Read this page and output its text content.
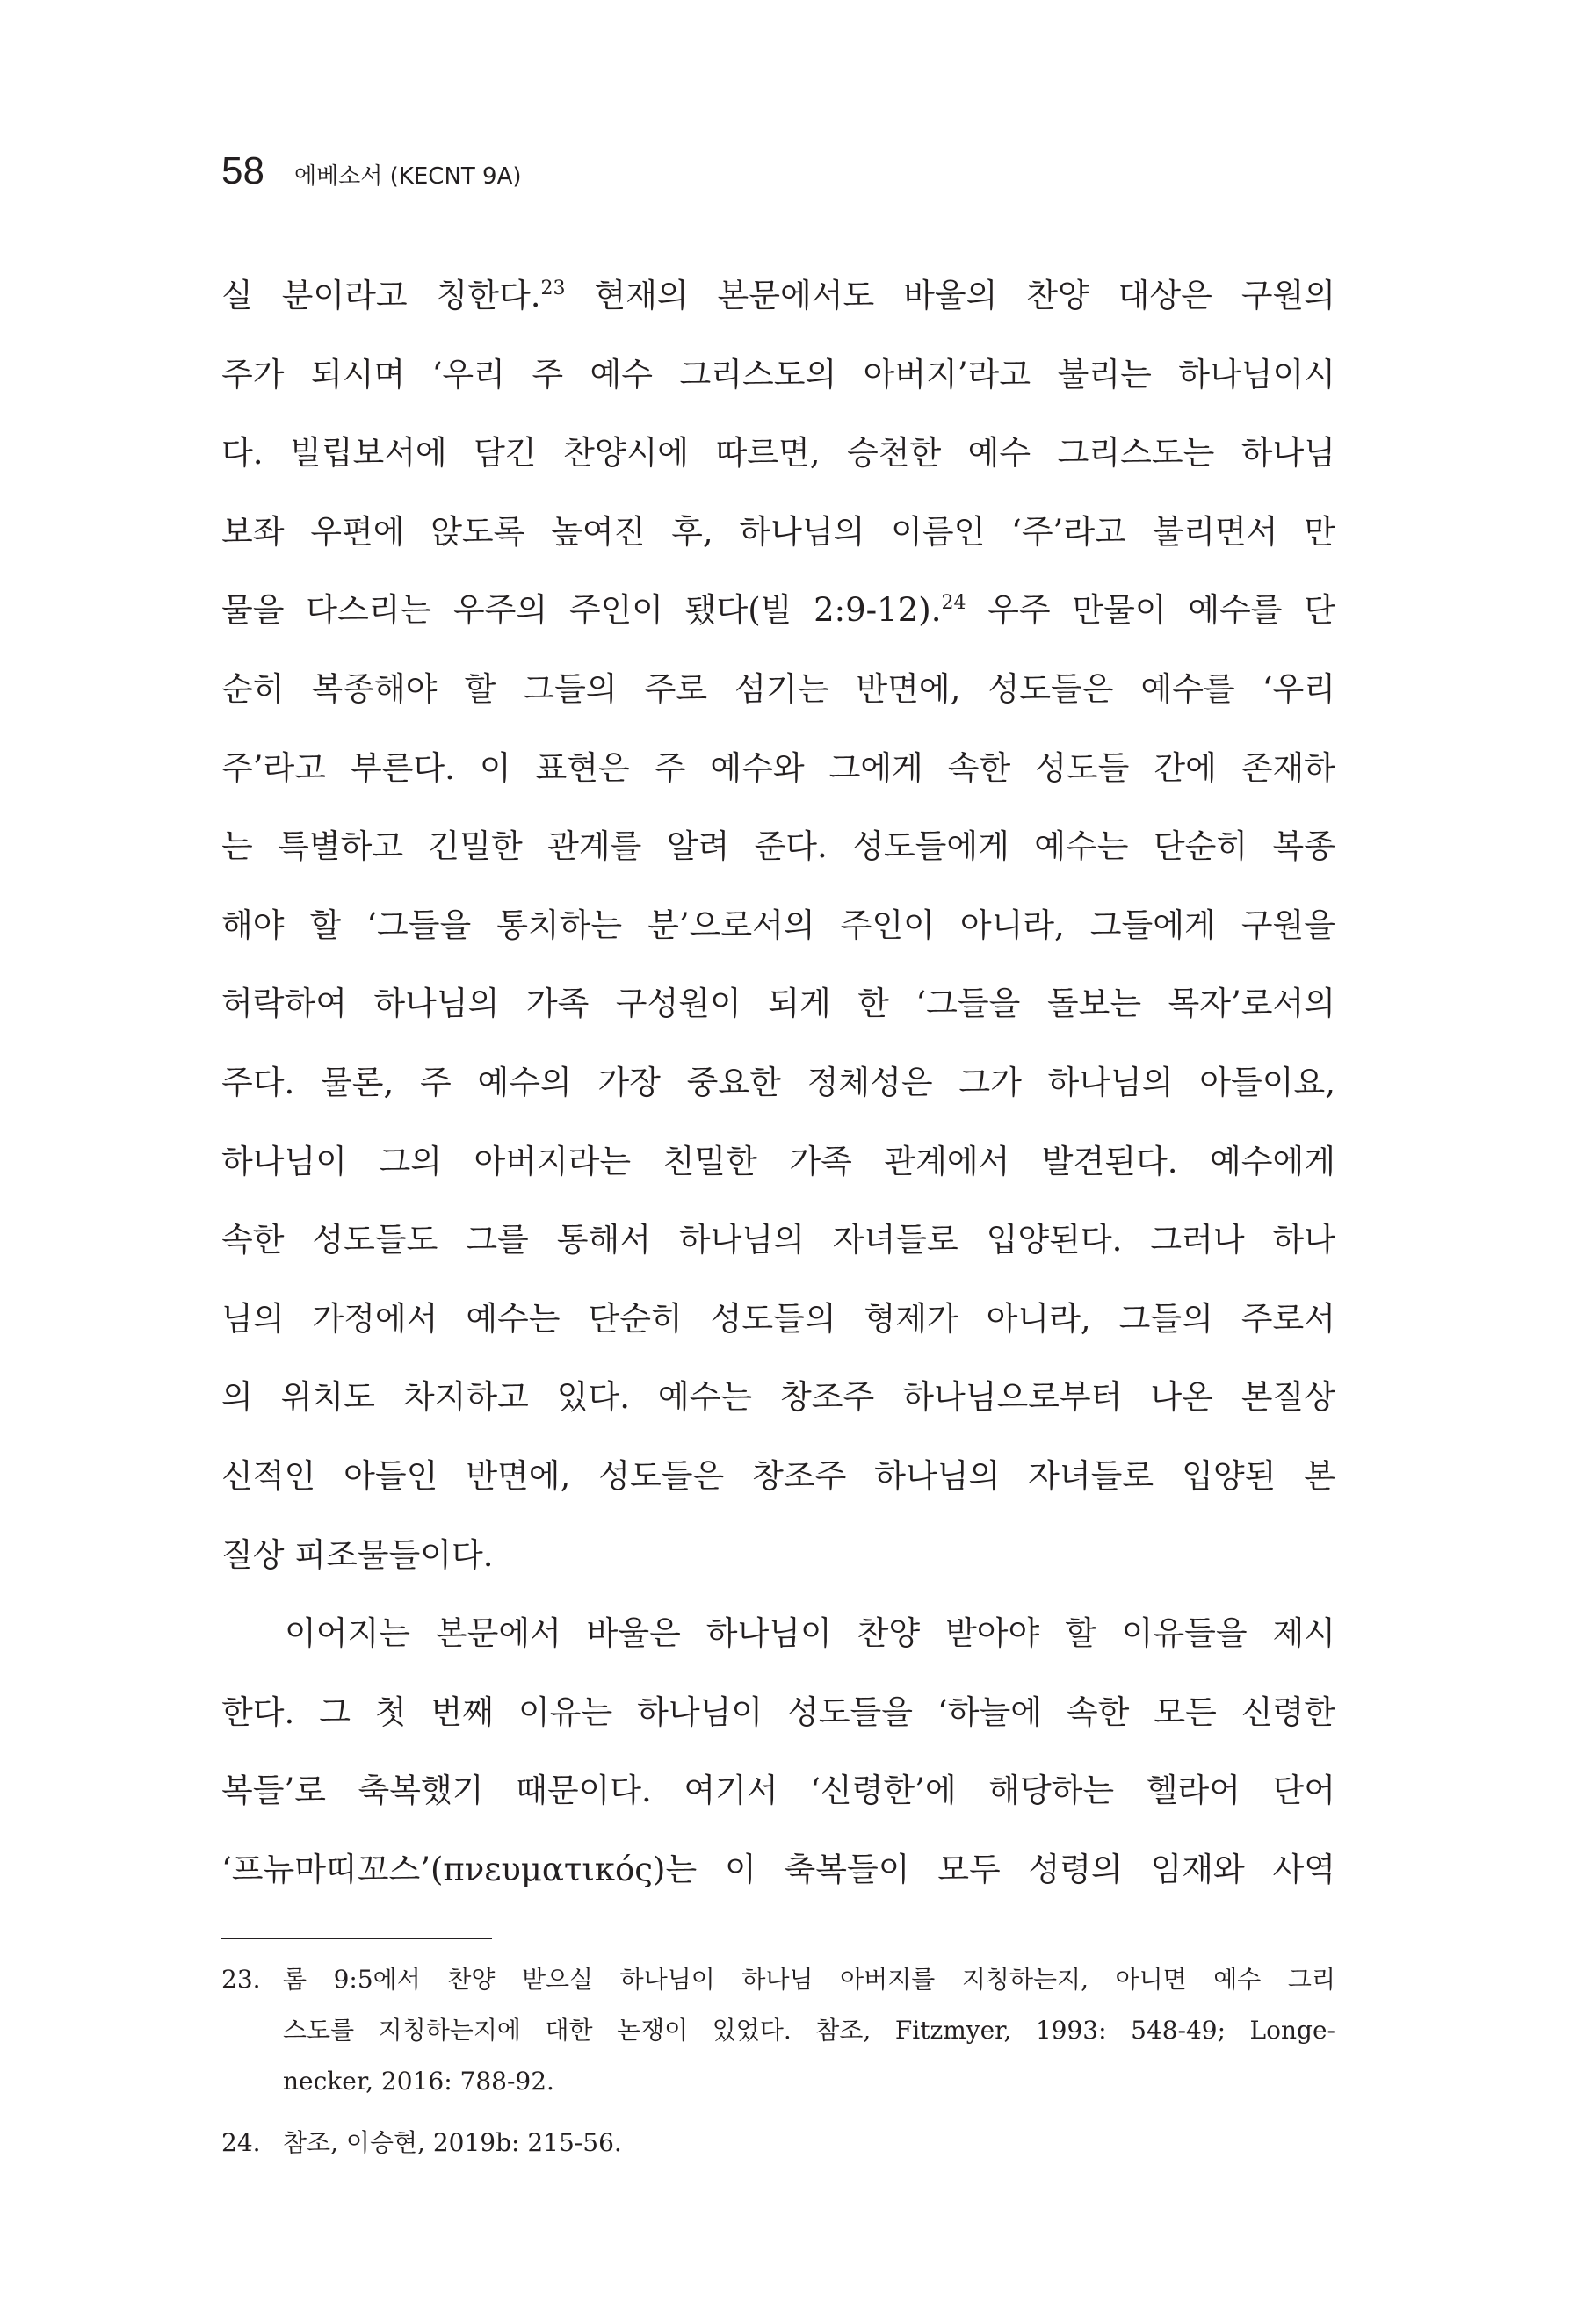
58 에베소서 (KECNT 9A)
실 분이라고 칭한다.$^{23}$ 현재의 본문에서도 바울의 찬양 대상은 구원의
주가 되시며 ‘우리 주 예수 그리스도의 아버지’라고 불리는 하나님이시
다. 빌립보서에 담긴 찬양시에 따르면, 승천한 예수 그리스도는 하나님
보좌 우편에 앉도록 높여진 후, 하나님의 이름인 ‘주’라고 불리면서 만
물을 다스리는 우주의 주인이 됐다(빌 2:9-12).$^{24}$ 우주 만물이 예수를 단
순히 복종해야 할 그들의 주로 섬기는 반면에, 성도들은 예수를 ‘우리
주’라고 부른다. 이 표현은 주 예수와 그에게 속한 성도들 간에 존재하
는 특별하고 긴밀한 관계를 알려 준다. 성도들에게 예수는 단순히 복종
해야 할 ‘그들을 통치하는 분’으로서의 주인이 아니라, 그들에게 구원을
허락하여 하나님의 가족 구성원이 되게 한 ‘그들을 돌보는 목자’로서의
주다. 물론, 주 예수의 가장 중요한 정체성은 그가 하나님의 아들이요,
하나님이 그의 아버지라는 친밀한 가족 관계에서 발견된다. 예수에게
속한 성도들도 그를 통해서 하나님의 자녀들로 입양된다. 그러나 하나
님의 가정에서 예수는 단순히 성도들의 형제가 아니라, 그들의 주로서
의 위치도 차지하고 있다. 예수는 창조주 하나님으로부터 나온 본질상
신적인 아들인 반면에, 성도들은 창조주 하나님의 자녀들로 입양된 본
질상 피조물들이다.
이어지는 본문에서 바울은 하나님이 찬양 받아야 할 이유들을 제시
한다. 그 첫 번째 이유는 하나님이 성도들을 ‘하늘에 속한 모든 신령한
복들’로 축복했기 때문이다. 여기서 ‘신령한’에 해당하는 헬라어 단어
‘프뉴마띠꼬스’(πνευματικός)는 이 축복들이 모두 성령의 임재와 사역
23. 롬 9:5에서 찬양 받으실 하나님이 하나님 아버지를 지칭하는지, 아니면 예수 그리
스도를 지칭하는지에 대한 논쟁이 있었다. 참조, Fitzmyer, 1993: 548-49; Longe-
necker, 2016: 788-92.
24. 참조, 이승현, 2019b: 215-56.
